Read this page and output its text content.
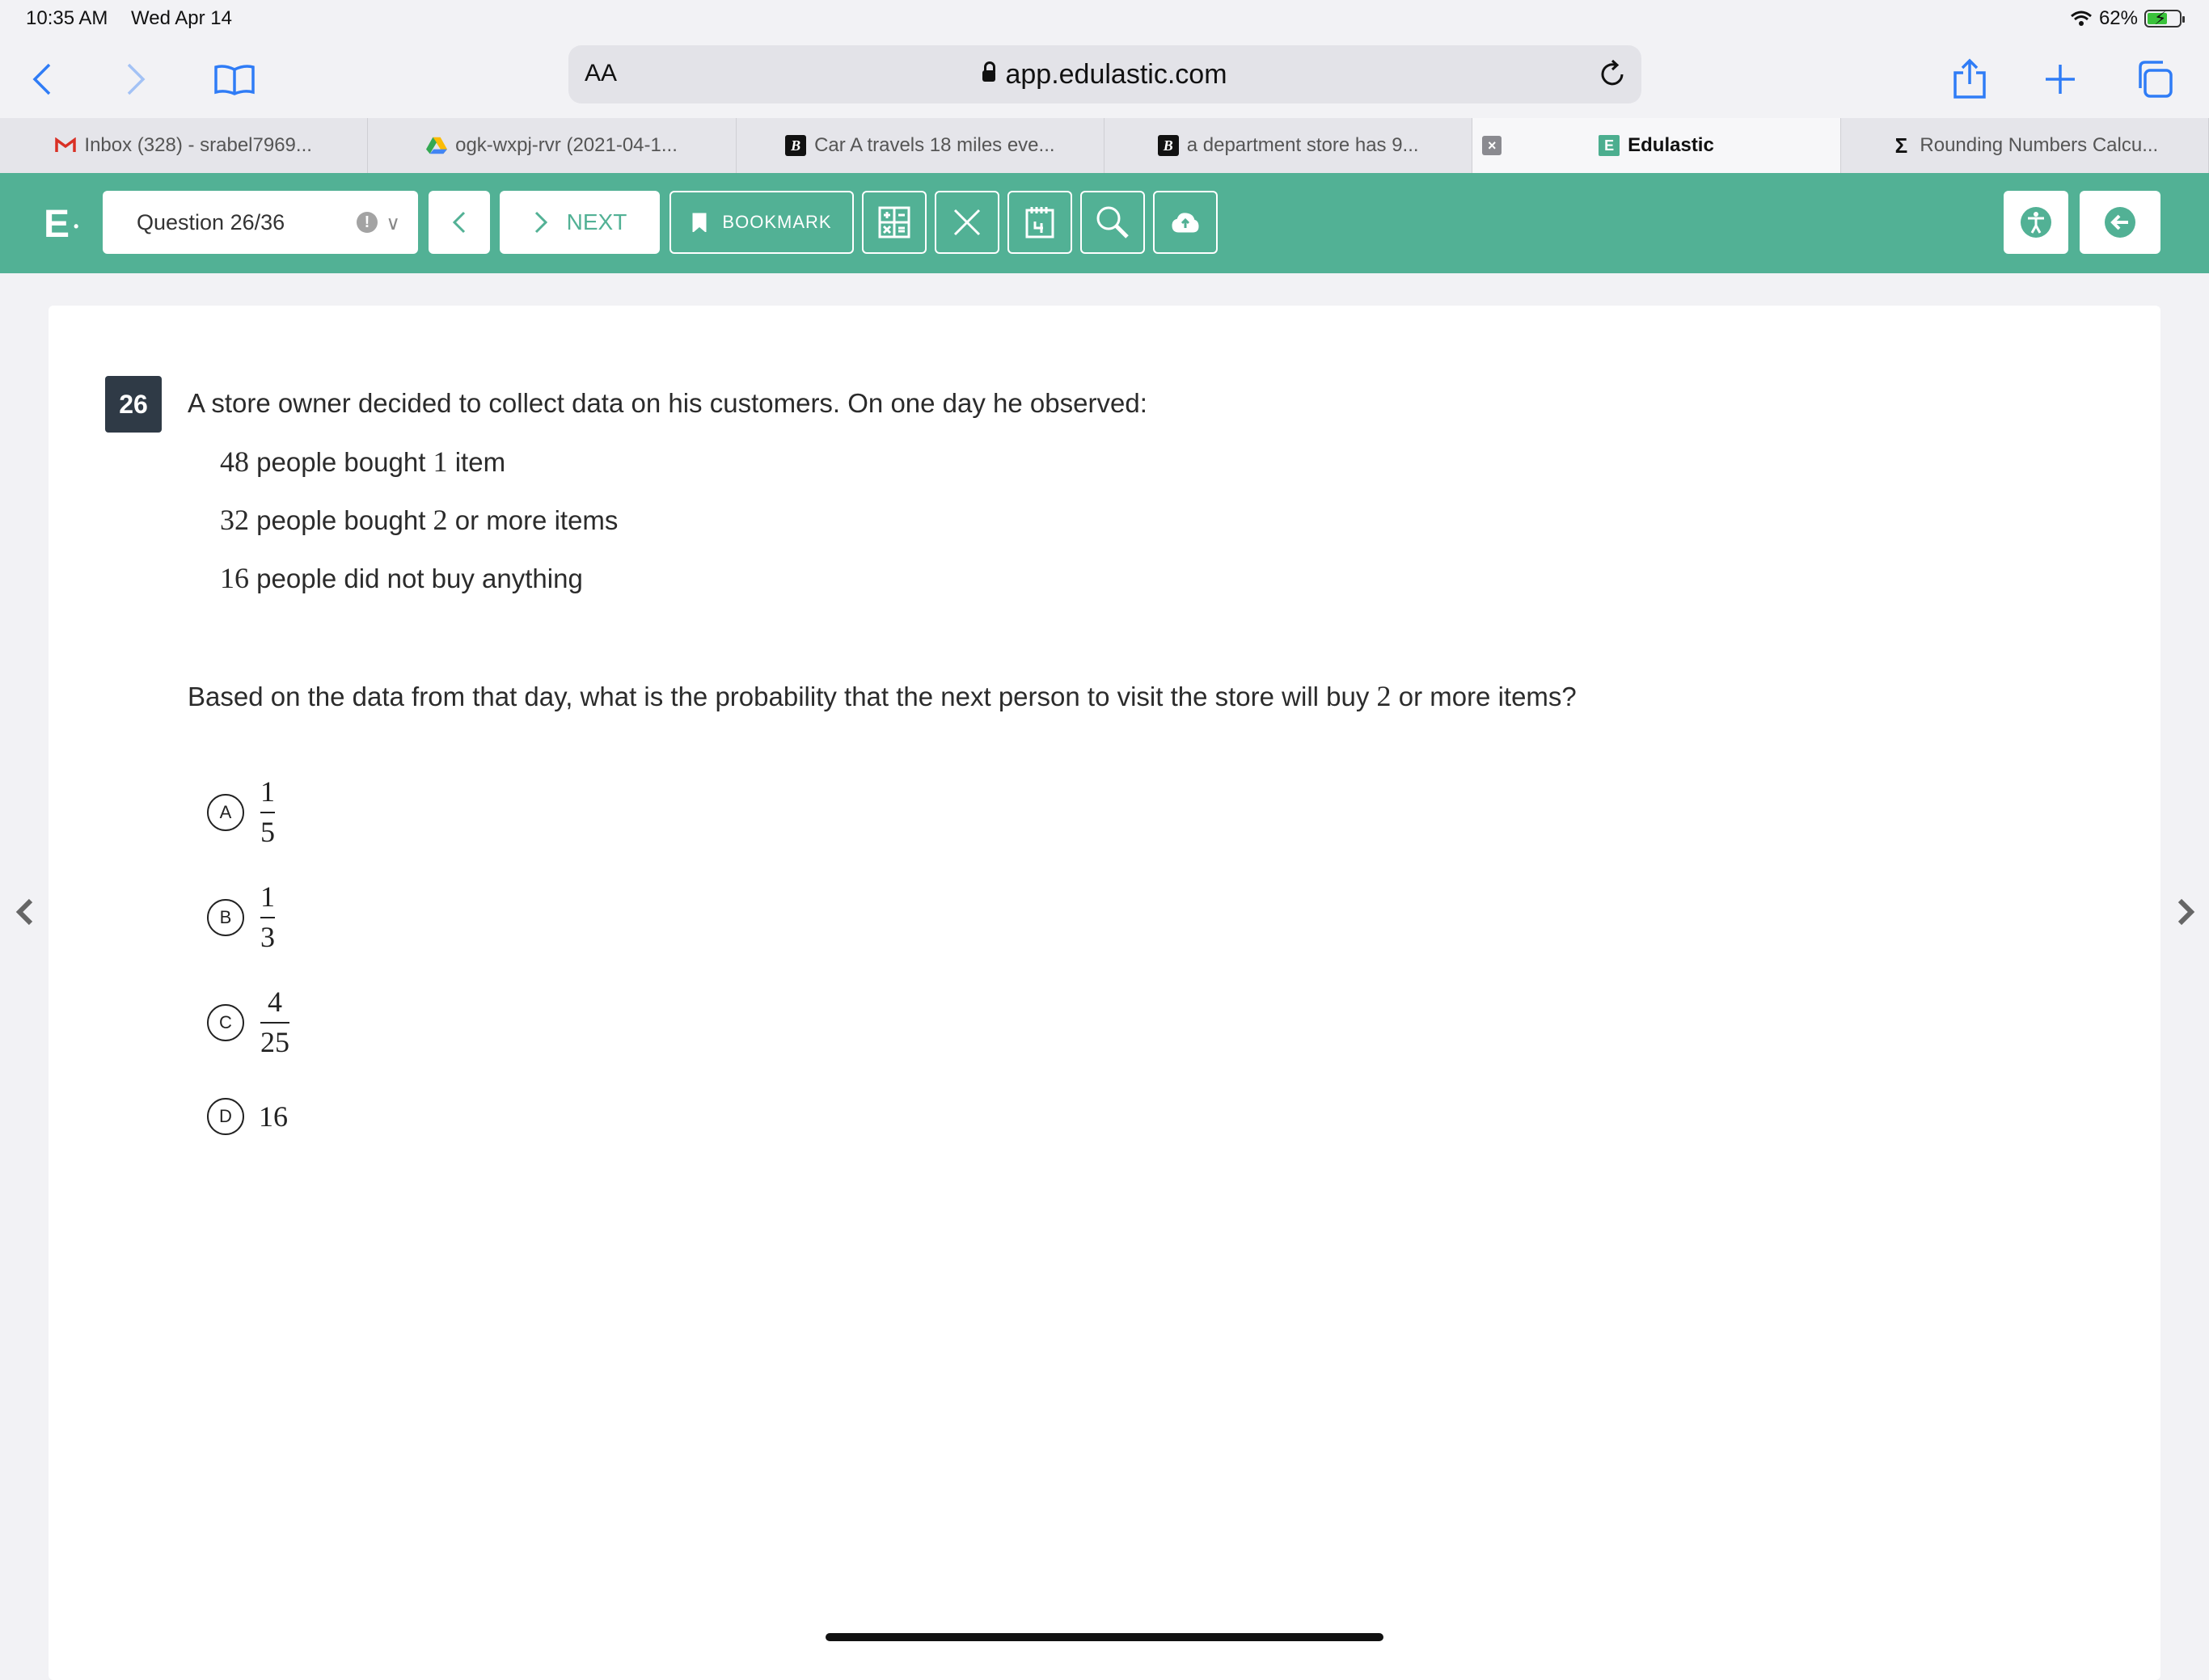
10:35 AM Wed Apr 14	62% ⚡
AA	app.edulastic.com
Inbox (328) - srabel7969...	ogk-wxpj-rvr (2021-04-1...	B Car A travels 18 miles eve...	B a department store has 9...	×	E Edulastic	Σ Rounding Numbers Calcu...
E •	Question 26/36	! ∨	NEXT	BOOKMARK
26	A store owner decided to collect data on his customers. On one day he observed:
48 people bought 1 item
32 people bought 2 or more items
16 people did not buy anything
Based on the data from that day, what is the probability that the next person to visit the store will buy 2 or more items?
A $\frac{1}{5}$
B $\frac{1}{3}$
C $\frac{4}{25}$
D 16
